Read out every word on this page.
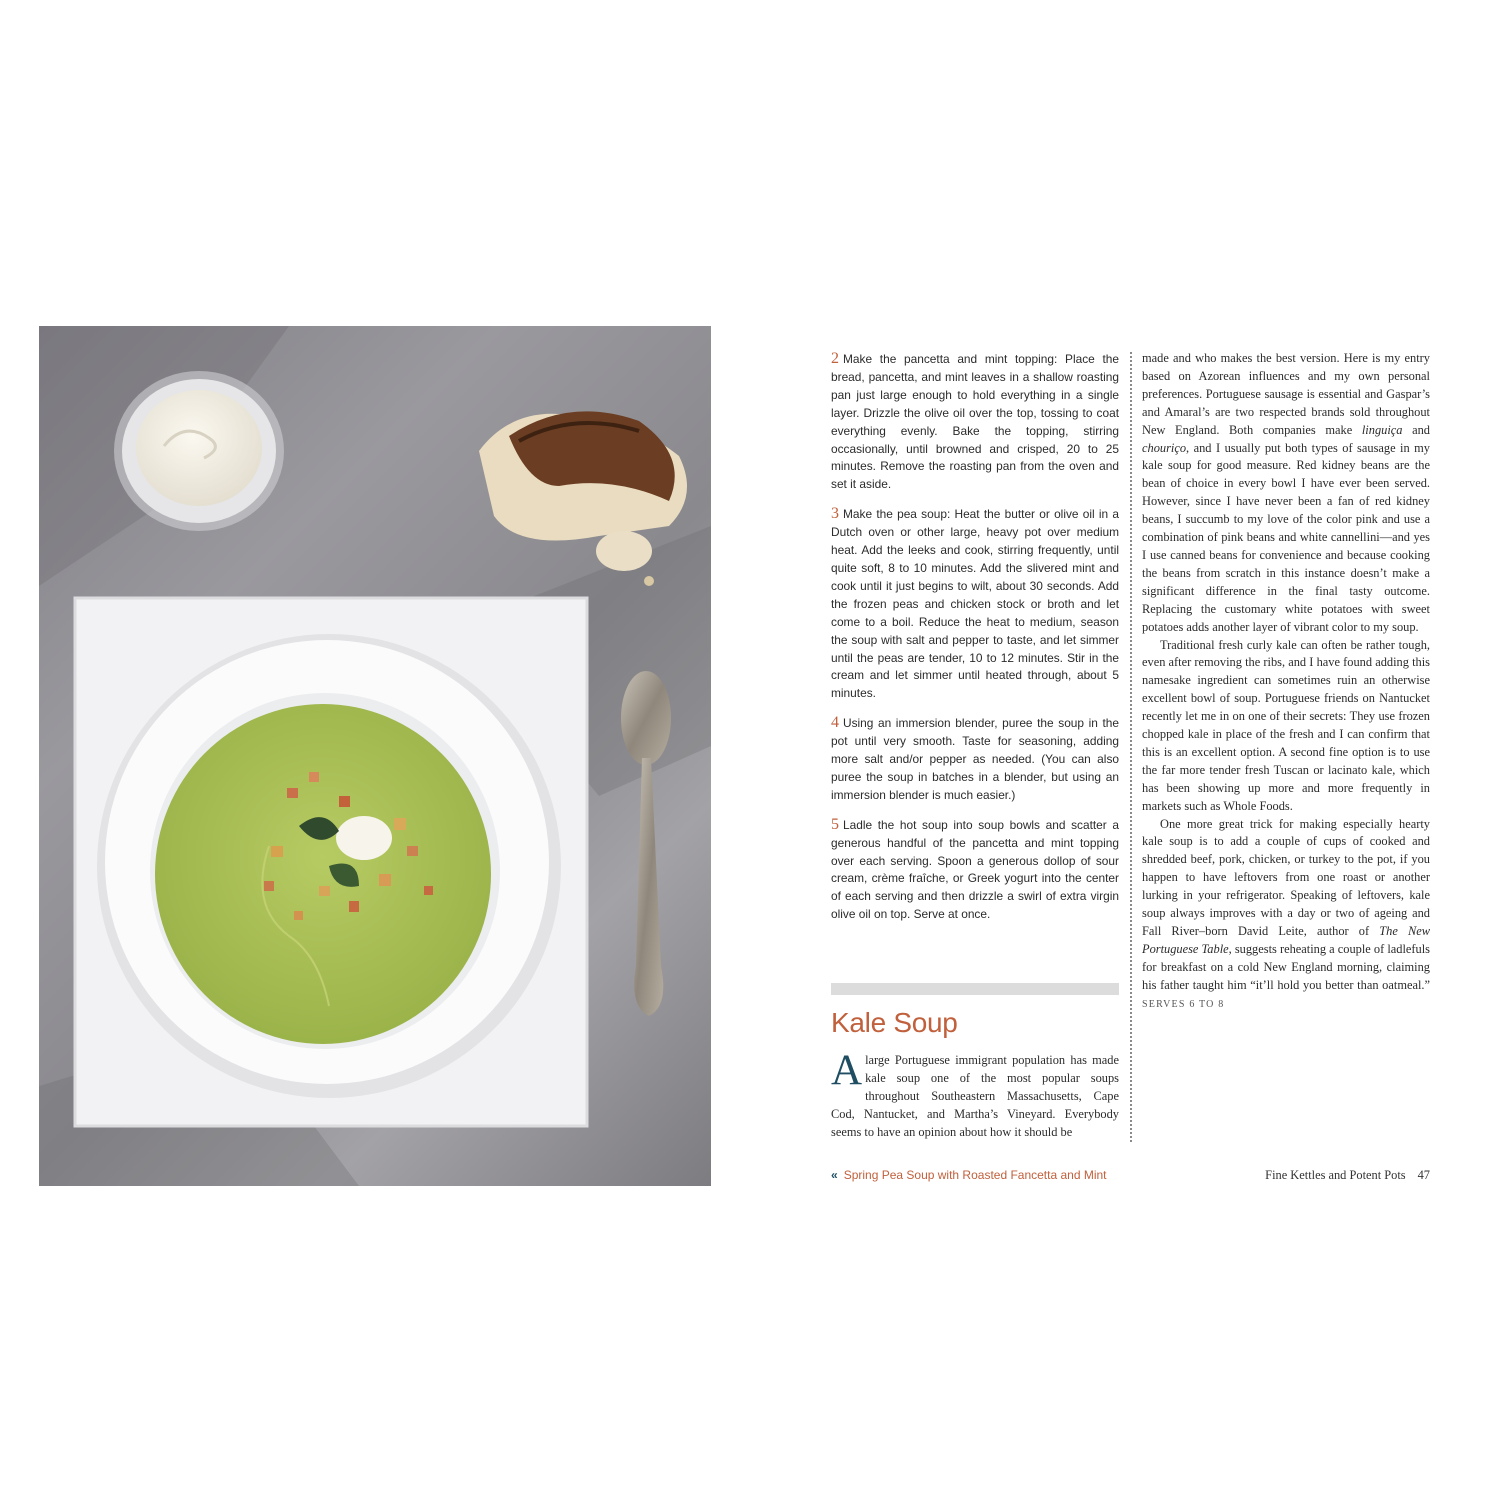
2 Make the pancetta and mint topping: Place the bread, pancetta, and mint leaves in a shallow roasting pan just large enough to hold everything in a single layer. Drizzle the olive oil over the top, tossing to coat everything evenly. Bake the topping, stirring occasionally, until browned and crisped, 20 to 25 minutes. Remove the roasting pan from the oven and set it aside.

3 Make the pea soup: Heat the butter or olive oil in a Dutch oven or other large, heavy pot over medium heat. Add the leeks and cook, stirring frequently, until quite soft, 8 to 10 minutes. Add the slivered mint and cook until it just begins to wilt, about 30 seconds. Add the frozen peas and chicken stock or broth and let come to a boil. Reduce the heat to medium, season the soup with salt and pepper to taste, and let simmer until the peas are tender, 10 to 12 minutes. Stir in the cream and let simmer until heated through, about 5 minutes.

4 Using an immersion blender, puree the soup in the pot until very smooth. Taste for seasoning, adding more salt and/or pepper as needed. (You can also puree the soup in batches in a blender, but using an immersion blender is much easier.)

5 Ladle the hot soup into soup bowls and scatter a generous handful of the pancetta and mint topping over each serving. Spoon a generous dollop of sour cream, crème fraîche, or Greek yogurt into the center of each serving and then drizzle a swirl of extra virgin olive oil on top. Serve at once.

Kale Soup
Alarge Portuguese immigrant population has made kale soup one of the most popular soups throughout Southeastern Massachusetts, Cape Cod, Nantucket, and Martha’s Vineyard. Everybody seems to have an opinion about how it should be

made and who makes the best version. Here is my entry based on Azorean influences and my own personal preferences. Portuguese sausage is essential and Gaspar’s and Amaral’s are two respected brands sold throughout New England. Both companies make linguiça and chouriço, and I usually put both types of sausage in my kale soup for good measure. Red kidney beans are the bean of choice in every bowl I have ever been served. However, since I have never been a fan of red kidney beans, I succumb to my love of the color pink and use a combination of pink beans and white cannellini—and yes I use canned beans for convenience and because cooking the beans from scratch in this instance doesn’t make a significant difference in the final tasty outcome. Replacing the customary white potatoes with sweet potatoes adds another layer of vibrant color to my soup.

Traditional fresh curly kale can often be rather tough, even after removing the ribs, and I have found adding this namesake ingredient can sometimes ruin an otherwise excellent bowl of soup. Portuguese friends on Nantucket recently let me in on one of their secrets: They use frozen chopped kale in place of the fresh and I can confirm that this is an excellent option. A second fine option is to use the far more tender fresh Tuscan or lacinato kale, which has been showing up more and more frequently in markets such as Whole Foods.

One more great trick for making especially hearty kale soup is to add a couple of cups of cooked and shredded beef, pork, chicken, or turkey to the pot, if you happen to have leftovers from one roast or another lurking in your refrigerator. Speaking of leftovers, kale soup always improves with a day or two of ageing and Fall River–born David Leite, author of The New Portuguese Table, suggests reheating a couple of ladlefuls for breakfast on a cold New England morning, claiming his father taught him “it’ll hold you better than oatmeal.” SERVES 6 TO 8

« Spring Pea Soup with Roasted Fancetta and Mint	Fine Kettles and Potent Pots 47
